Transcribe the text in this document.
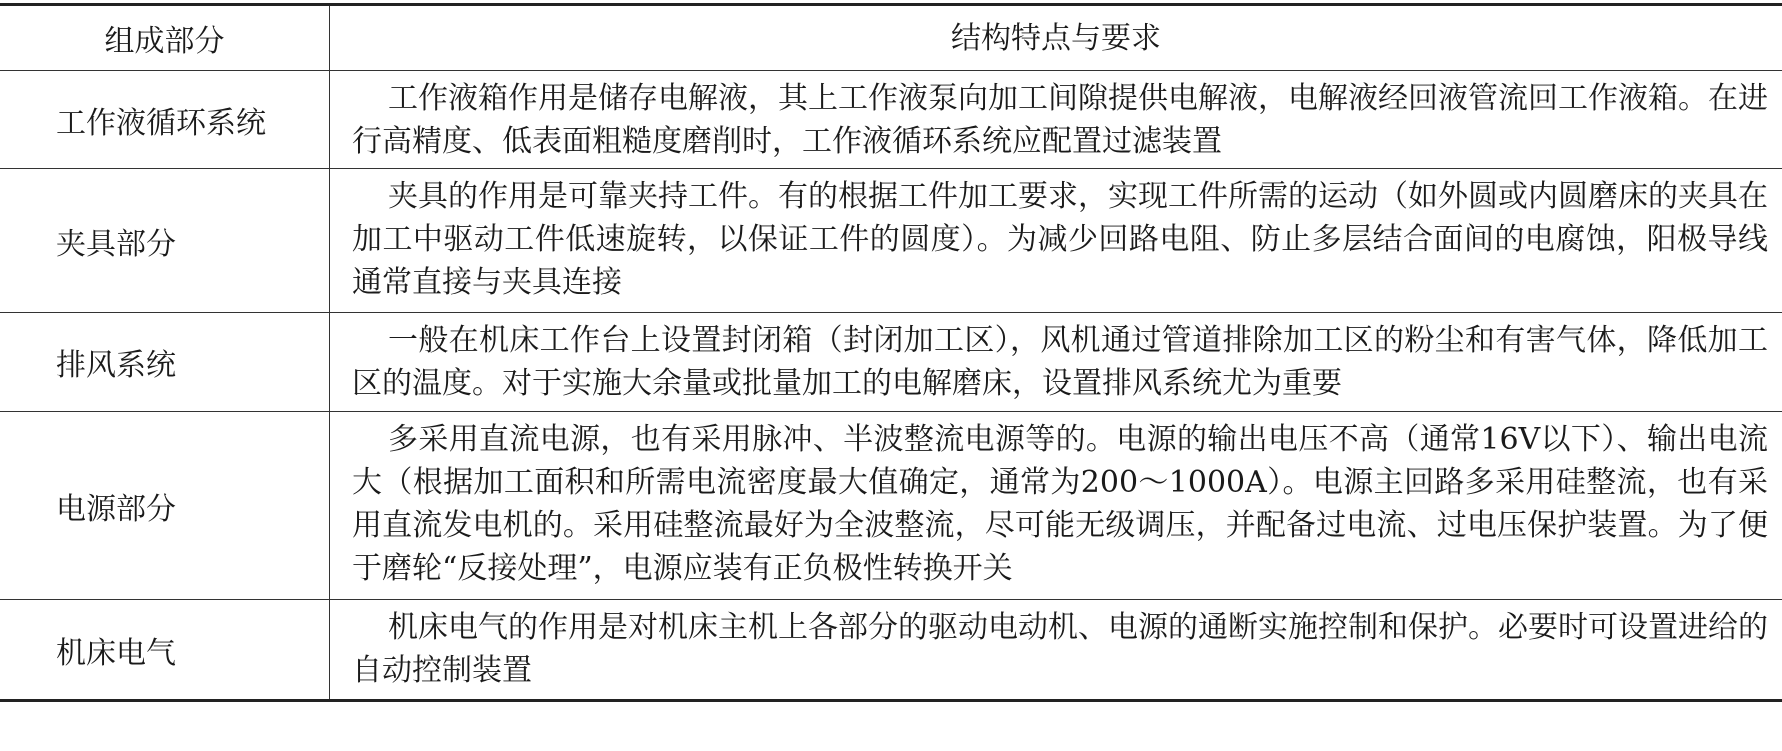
组成部分	结构特点与要求
工作液循环系统
工作液箱作用是储存电解液，其上工作液泵向加工间隙提供电解液，电解液经回液管流回工作液箱。在进行高精度、低表面粗糙度磨削时，工作液循环系统应配置过滤装置
夹具部分
夹具的作用是可靠夹持工件。有的根据工件加工要求，实现工件所需的运动（如外圆或内圆磨床的夹具在加工中驱动工件低速旋转，以保证工件的圆度）。为减少回路电阻、防止多层结合面间的电腐蚀，阳极导线通常直接与夹具连接
排风系统
一般在机床工作台上设置封闭箱（封闭加工区），风机通过管道排除加工区的粉尘和有害气体，降低加工区的温度。对于实施大余量或批量加工的电解磨床，设置排风系统尤为重要
电源部分
多采用直流电源，也有采用脉冲、半波整流电源等的。电源的输出电压不高（通常16V以下）、输出电流大（根据加工面积和所需电流密度最大值确定，通常为200～1000A）。电源主回路多采用硅整流，也有采用直流发电机的。采用硅整流最好为全波整流，尽可能无级调压，并配备过电流、过电压保护装置。为了便于磨轮“反接处理”，电源应装有正负极性转换开关
机床电气
机床电气的作用是对机床主机上各部分的驱动电动机、电源的通断实施控制和保护。必要时可设置进给的自动控制装置
